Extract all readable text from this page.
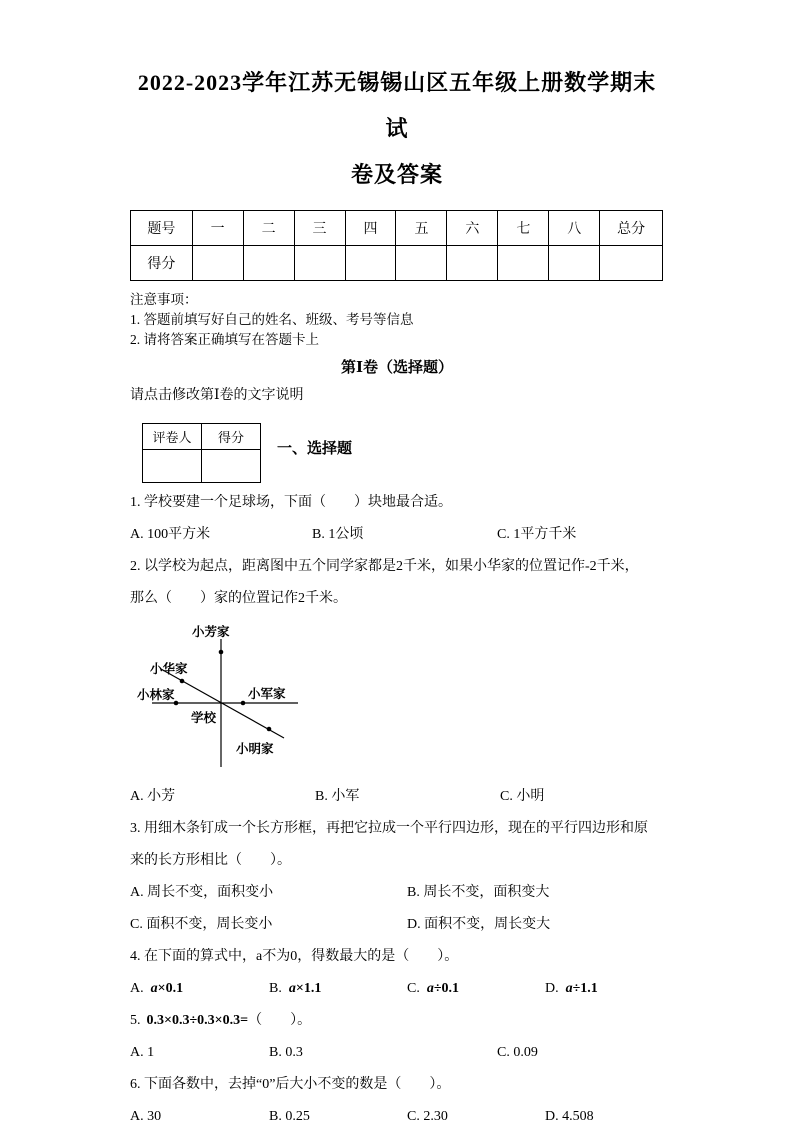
2022-2023学年江苏无锡锡山区五年级上册数学期末试
卷及答案
题号	一	二	三	四	五	六	七	八	总分
得分									
注意事项：
1. 答题前填写好自己的姓名、班级、考号等信息
2. 请将答案正确填写在答题卡上
第Ⅰ卷（选择题）
请点击修改第Ⅰ卷的文字说明
评卷人	得分

一、选择题

1. 学校要建一个足球场，下面（　　）块地最合适。

A. 100平方米	B. 1公顷	C. 1平方千米

2. 以学校为起点，距离图中五个同学家都是2千米，如果小华家的位置记作-2千米，

那么（　　）家的位置记作2千米。

小芳家
小华家
小林家	小军家
学校
小明家
A. 小芳	B. 小军	C. 小明

3. 用细木条钉成一个长方形框，再把它拉成一个平行四边形，现在的平行四边形和原

来的长方形相比（　　）。

A. 周长不变，面积变小	B. 周长不变，面积变大
C. 面积不变，周长变小	D. 面积不变，周长变大

4. 在下面的算式中，a不为0，得数最大的是（　　）。

A. a×0.1	B. a×1.1	C. a÷0.1	D. a÷1.1

5. 0.3×0.3÷0.3×0.3=（　　）。

A. 1	B. 0.3	C. 0.09

6. 下面各数中，去掉“0”后大小不变的数是（　　）。

A. 30	B. 0.25	C. 2.30	D. 4.508
